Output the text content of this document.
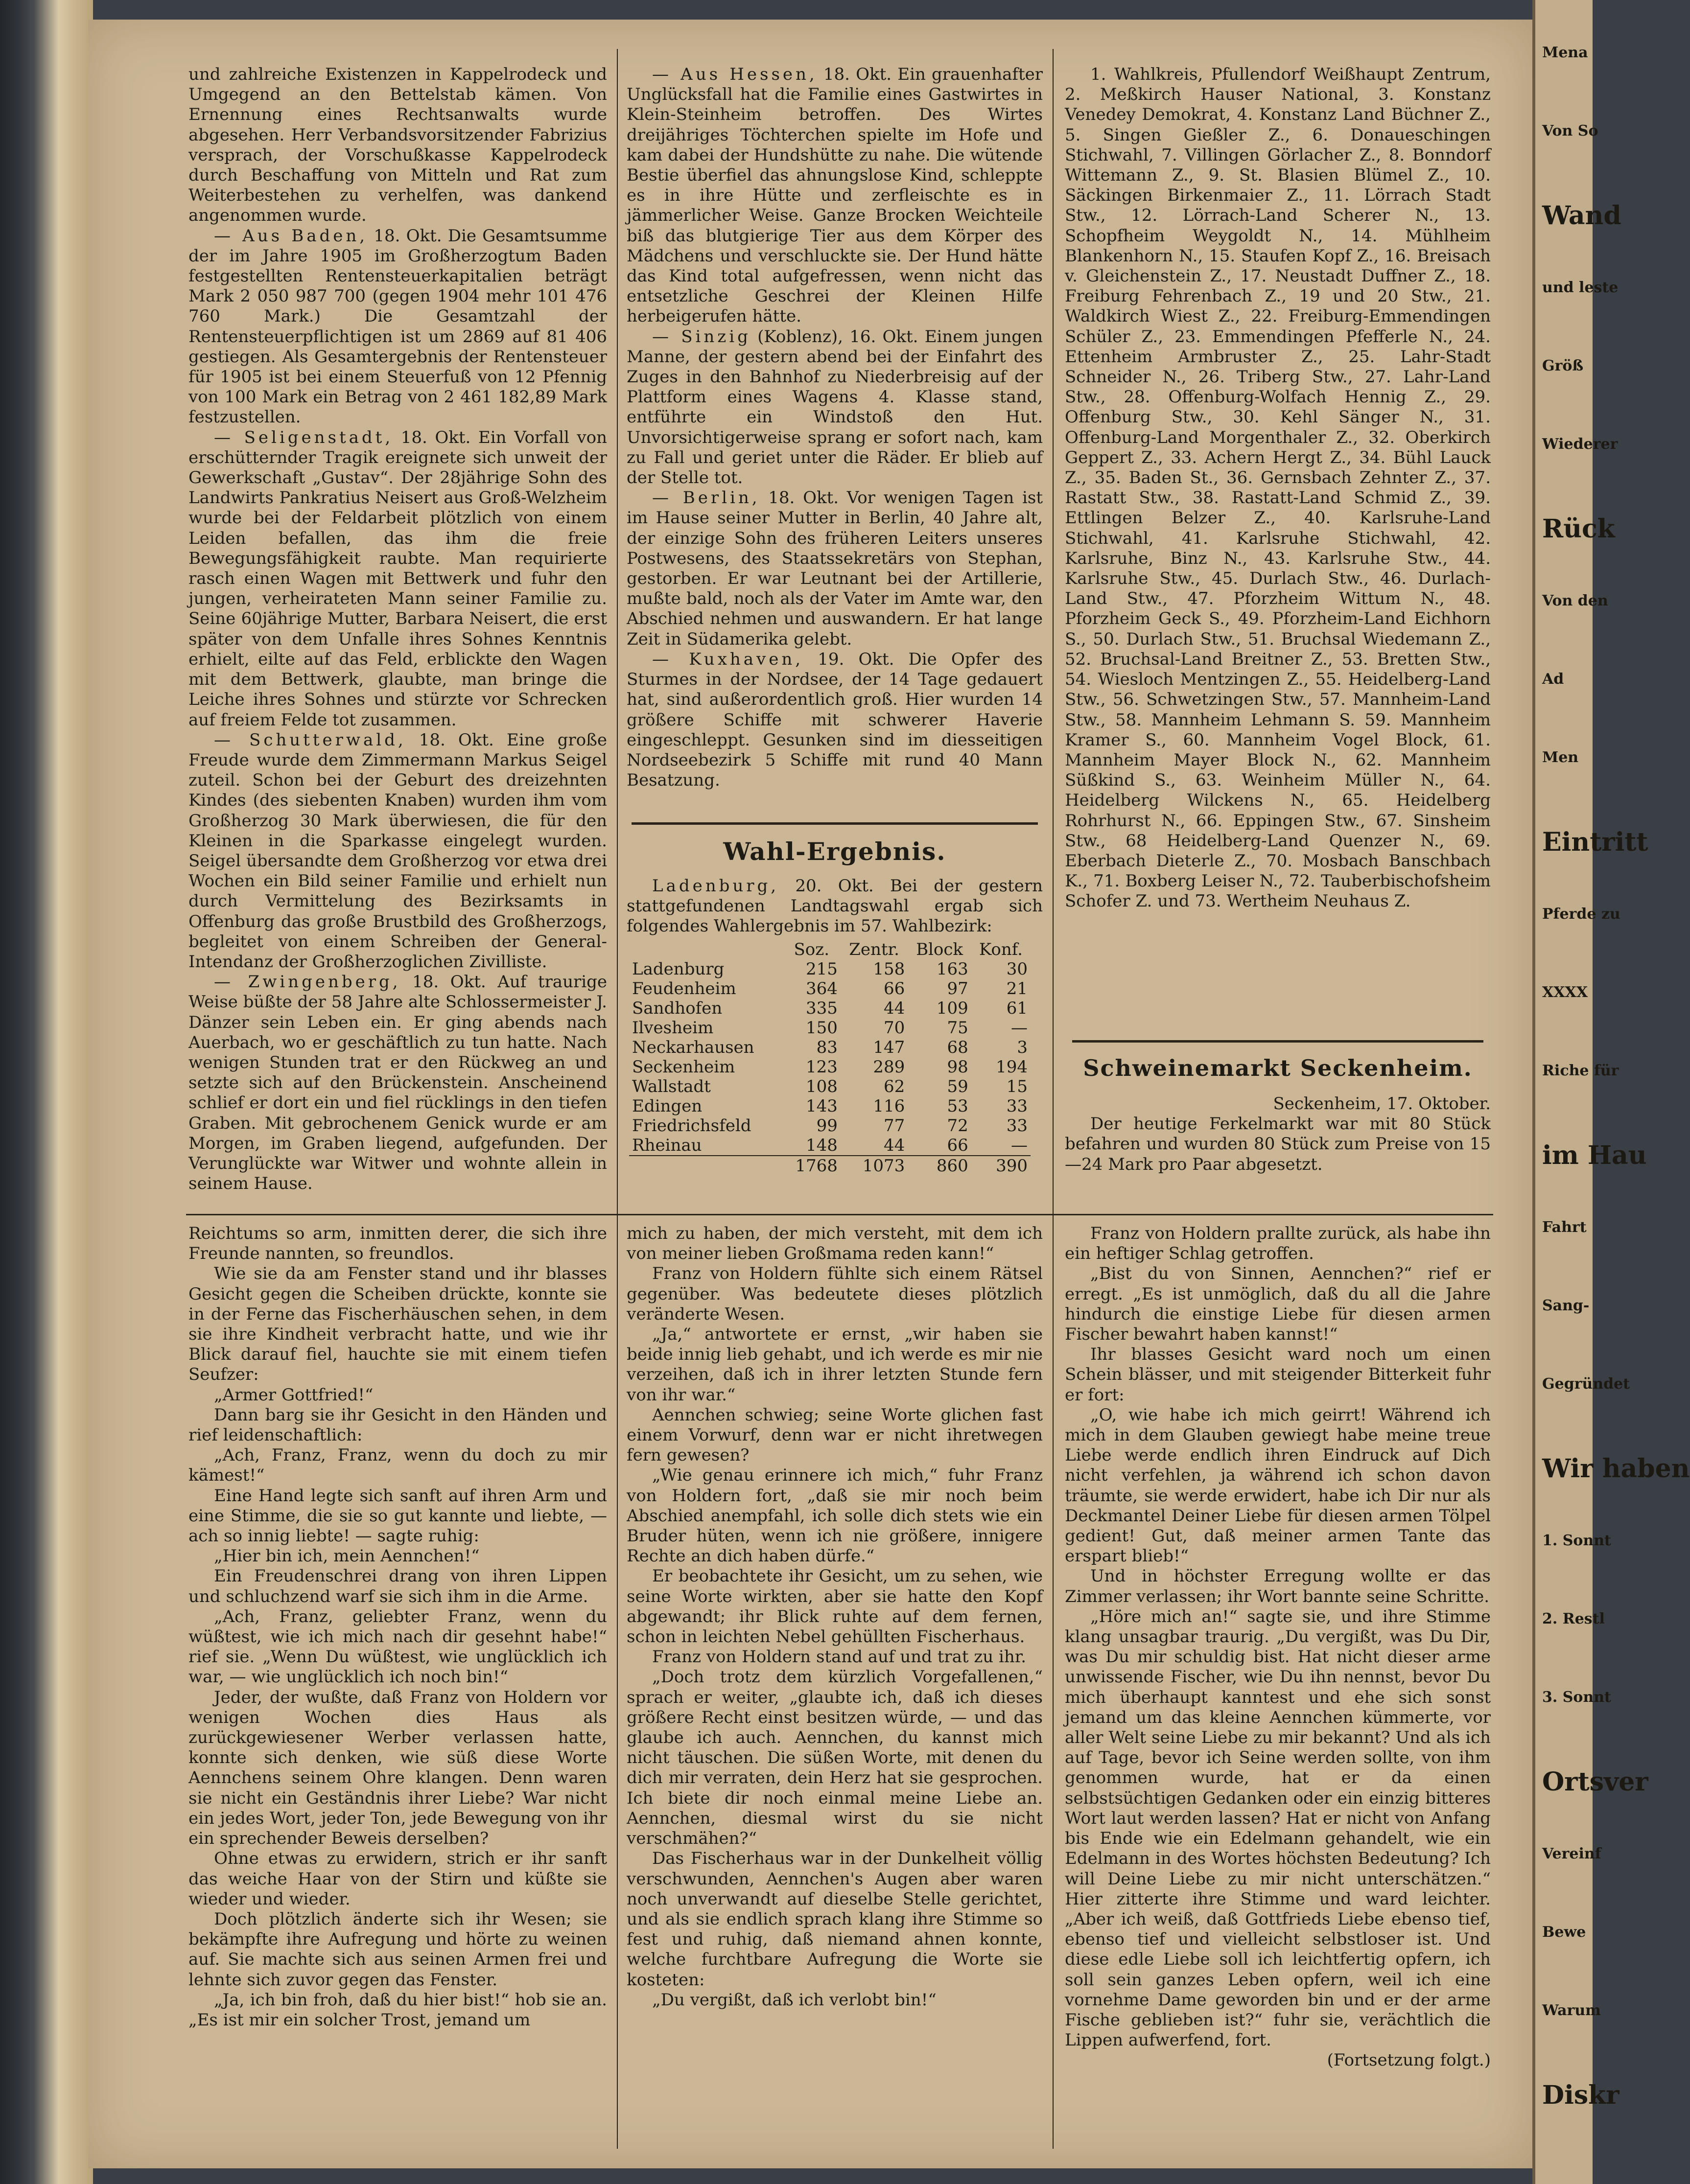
und zahlreiche Existenzen in Kappelrodeck und Umgegend an den Bettelstab kämen. Von Ernennung eines Rechtsanwalts wurde abgesehen. Herr Verbandsvorsitzender Fabrizius versprach, der Vorschußkasse Kappelrodeck durch Beschaffung von Mitteln und Rat zum Weiterbestehen zu verhelfen, was dankend angenommen wurde.

— Aus Baden, 18. Okt. Die Gesamtsumme der im Jahre 1905 im Großherzogtum Baden festgestellten Rentensteuerkapitalien beträgt Mark 2 050 987 700 (gegen 1904 mehr 101 476 760 Mark.) Die Gesamtzahl der Rentensteuerpflichtigen ist um 2869 auf 81 406 gestiegen. Als Gesamtergebnis der Rentensteuer für 1905 ist bei einem Steuerfuß von 12 Pfennig von 100 Mark ein Betrag von 2 461 182,89 Mark festzustellen.

— Seligenstadt, 18. Okt. Ein Vorfall von erschütternder Tragik ereignete sich unweit der Gewerkschaft „Gustav“. Der 28jährige Sohn des Landwirts Pankratius Neisert aus Groß-Welzheim wurde bei der Feldarbeit plötzlich von einem Leiden befallen, das ihm die freie Bewegungsfähigkeit raubte. Man requirierte rasch einen Wagen mit Bettwerk und fuhr den jungen, verheirateten Mann seiner Familie zu. Seine 60jährige Mutter, Barbara Neisert, die erst später von dem Unfalle ihres Sohnes Kenntnis erhielt, eilte auf das Feld, erblickte den Wagen mit dem Bettwerk, glaubte, man bringe die Leiche ihres Sohnes und stürzte vor Schrecken auf freiem Felde tot zusammen.

— Schutterwald, 18. Okt. Eine große Freude wurde dem Zimmermann Markus Seigel zuteil. Schon bei der Geburt des dreizehnten Kindes (des siebenten Knaben) wurden ihm vom Großherzog 30 Mark überwiesen, die für den Kleinen in die Sparkasse eingelegt wurden. Seigel übersandte dem Großherzog vor etwa drei Wochen ein Bild seiner Familie und erhielt nun durch Vermittelung des Bezirksamts in Offenburg das große Brustbild des Großherzogs, begleitet von einem Schreiben der General-Intendanz der Großherzoglichen Zivilliste.

— Zwingenberg, 18. Okt. Auf traurige Weise büßte der 58 Jahre alte Schlossermeister J. Dänzer sein Leben ein. Er ging abends nach Auerbach, wo er geschäftlich zu tun hatte. Nach wenigen Stunden trat er den Rückweg an und setzte sich auf den Brückenstein. Anscheinend schlief er dort ein und fiel rücklings in den tiefen Graben. Mit gebrochenem Genick wurde er am Morgen, im Graben liegend, aufgefunden. Der Verunglückte war Witwer und wohnte allein in seinem Hause.

— Aus Hessen, 18. Okt. Ein grauenhafter Unglücksfall hat die Familie eines Gastwirtes in Klein-Steinheim betroffen. Des Wirtes dreijähriges Töchterchen spielte im Hofe und kam dabei der Hundshütte zu nahe. Die wütende Bestie überfiel das ahnungslose Kind, schleppte es in ihre Hütte und zerfleischte es in jämmerlicher Weise. Ganze Brocken Weichteile biß das blutgierige Tier aus dem Körper des Mädchens und verschluckte sie. Der Hund hätte das Kind total aufgefressen, wenn nicht das entsetzliche Geschrei der Kleinen Hilfe herbeigerufen hätte.

— Sinzig (Koblenz), 16. Okt. Einem jungen Manne, der gestern abend bei der Einfahrt des Zuges in den Bahnhof zu Niederbreisig auf der Plattform eines Wagens 4. Klasse stand, entführte ein Windstoß den Hut. Unvorsichtigerweise sprang er sofort nach, kam zu Fall und geriet unter die Räder. Er blieb auf der Stelle tot.

— Berlin, 18. Okt. Vor wenigen Tagen ist im Hause seiner Mutter in Berlin, 40 Jahre alt, der einzige Sohn des früheren Leiters unseres Postwesens, des Staatssekretärs von Stephan, gestorben. Er war Leutnant bei der Artillerie, mußte bald, noch als der Vater im Amte war, den Abschied nehmen und auswandern. Er hat lange Zeit in Südamerika gelebt.

— Kuxhaven, 19. Okt. Die Opfer des Sturmes in der Nordsee, der 14 Tage gedauert hat, sind außerordentlich groß. Hier wurden 14 größere Schiffe mit schwerer Haverie eingeschleppt. Gesunken sind im diesseitigen Nordseebezirk 5 Schiffe mit rund 40 Mann Besatzung.

Wahl-Ergebnis.

Ladenburg, 20. Okt. Bei der gestern stattgefundenen Landtagswahl ergab sich folgendes Wahlergebnis im 57. Wahlbezirk:

	Soz.	Zentr.	Block	Konf.
Ladenburg	215	158	163	30
Feudenheim	364	66	97	21
Sandhofen	335	44	109	61
Ilvesheim	150	70	75	—
Neckarhausen	83	147	68	3
Seckenheim	123	289	98	194
Wallstadt	108	62	59	15
Edingen	143	116	53	33
Friedrichsfeld	99	77	72	33
Rheinau	148	44	66	—
	1768	1073	860	390

1. Wahlkreis, Pfullendorf Weißhaupt Zentrum, 2. Meßkirch Hauser National, 3. Konstanz Venedey Demokrat, 4. Konstanz Land Büchner Z., 5. Singen Gießler Z., 6. Donaueschingen Stichwahl, 7. Villingen Görlacher Z., 8. Bonndorf Wittemann Z., 9. St. Blasien Blümel Z., 10. Säckingen Birkenmaier Z., 11. Lörrach Stadt Stw., 12. Lörrach-Land Scherer N., 13. Schopfheim Weygoldt N., 14. Mühlheim Blankenhorn N., 15. Staufen Kopf Z., 16. Breisach v. Gleichenstein Z., 17. Neustadt Duffner Z., 18. Freiburg Fehrenbach Z., 19 und 20 Stw., 21. Waldkirch Wiest Z., 22. Freiburg-Emmendingen Schüler Z., 23. Emmendingen Pfefferle N., 24. Ettenheim Armbruster Z., 25. Lahr-Stadt Schneider N., 26. Triberg Stw., 27. Lahr-Land Stw., 28. Offenburg-Wolfach Hennig Z., 29. Offenburg Stw., 30. Kehl Sänger N., 31. Offenburg-Land Morgenthaler Z., 32. Oberkirch Geppert Z., 33. Achern Hergt Z., 34. Bühl Lauck Z., 35. Baden St., 36. Gernsbach Zehnter Z., 37. Rastatt Stw., 38. Rastatt-Land Schmid Z., 39. Ettlingen Belzer Z., 40. Karlsruhe-Land Stichwahl, 41. Karlsruhe Stichwahl, 42. Karlsruhe, Binz N., 43. Karlsruhe Stw., 44. Karlsruhe Stw., 45. Durlach Stw., 46. Durlach-Land Stw., 47. Pforzheim Wittum N., 48. Pforzheim Geck S., 49. Pforzheim-Land Eichhorn S., 50. Durlach Stw., 51. Bruchsal Wiedemann Z., 52. Bruchsal-Land Breitner Z., 53. Bretten Stw., 54. Wiesloch Mentzingen Z., 55. Heidelberg-Land Stw., 56. Schwetzingen Stw., 57. Mannheim-Land Stw., 58. Mannheim Lehmann S. 59. Mannheim Kramer S., 60. Mannheim Vogel Block, 61. Mannheim Mayer Block N., 62. Mannheim Süßkind S., 63. Weinheim Müller N., 64. Heidelberg Wilckens N., 65. Heidelberg Rohrhurst N., 66. Eppingen Stw., 67. Sinsheim Stw., 68 Heidelberg-Land Quenzer N., 69. Eberbach Dieterle Z., 70. Mosbach Banschbach K., 71. Boxberg Leiser N., 72. Tauberbischofsheim Schofer Z. und 73. Wertheim Neuhaus Z.

Schweinemarkt Seckenheim.

Seckenheim, 17. Oktober.

Der heutige Ferkelmarkt war mit 80 Stück befahren und wurden 80 Stück zum Preise von 15—24 Mark pro Paar abgesetzt.

Reichtums so arm, inmitten derer, die sich ihre Freunde nannten, so freundlos.

Wie sie da am Fenster stand und ihr blasses Gesicht gegen die Scheiben drückte, konnte sie in der Ferne das Fischerhäuschen sehen, in dem sie ihre Kindheit verbracht hatte, und wie ihr Blick darauf fiel, hauchte sie mit einem tiefen Seufzer:

„Armer Gottfried!“

Dann barg sie ihr Gesicht in den Händen und rief leidenschaftlich:

„Ach, Franz, Franz, wenn du doch zu mir kämest!“

Eine Hand legte sich sanft auf ihren Arm und eine Stimme, die sie so gut kannte und liebte, — ach so innig liebte! — sagte ruhig:

„Hier bin ich, mein Aennchen!“

Ein Freudenschrei drang von ihren Lippen und schluchzend warf sie sich ihm in die Arme.

„Ach, Franz, geliebter Franz, wenn du wüßtest, wie ich mich nach dir gesehnt habe!“ rief sie. „Wenn Du wüßtest, wie unglücklich ich war, — wie unglücklich ich noch bin!“

Jeder, der wußte, daß Franz von Holdern vor wenigen Wochen dies Haus als zurückgewiesener Werber verlassen hatte, konnte sich denken, wie süß diese Worte Aennchens seinem Ohre klangen. Denn waren sie nicht ein Geständnis ihrer Liebe? War nicht ein jedes Wort, jeder Ton, jede Bewegung von ihr ein sprechender Beweis derselben?

Ohne etwas zu erwidern, strich er ihr sanft das weiche Haar von der Stirn und küßte sie wieder und wieder.

Doch plötzlich änderte sich ihr Wesen; sie bekämpfte ihre Aufregung und hörte zu weinen auf. Sie machte sich aus seinen Armen frei und lehnte sich zuvor gegen das Fenster.

„Ja, ich bin froh, daß du hier bist!“ hob sie an. „Es ist mir ein solcher Trost, jemand um

mich zu haben, der mich versteht, mit dem ich von meiner lieben Großmama reden kann!“

Franz von Holdern fühlte sich einem Rätsel gegenüber. Was bedeutete dieses plötzlich veränderte Wesen.

„Ja,“ antwortete er ernst, „wir haben sie beide innig lieb gehabt, und ich werde es mir nie verzeihen, daß ich in ihrer letzten Stunde fern von ihr war.“

Aennchen schwieg; seine Worte glichen fast einem Vorwurf, denn war er nicht ihretwegen fern gewesen?

„Wie genau erinnere ich mich,“ fuhr Franz von Holdern fort, „daß sie mir noch beim Abschied anempfahl, ich solle dich stets wie ein Bruder hüten, wenn ich nie größere, innigere Rechte an dich haben dürfe.“

Er beobachtete ihr Gesicht, um zu sehen, wie seine Worte wirkten, aber sie hatte den Kopf abgewandt; ihr Blick ruhte auf dem fernen, schon in leichten Nebel gehüllten Fischerhaus.

Franz von Holdern stand auf und trat zu ihr.

„Doch trotz dem kürzlich Vorgefallenen,“ sprach er weiter, „glaubte ich, daß ich dieses größere Recht einst besitzen würde, — und das glaube ich auch. Aennchen, du kannst mich nicht täuschen. Die süßen Worte, mit denen du dich mir verraten, dein Herz hat sie gesprochen. Ich biete dir noch einmal meine Liebe an. Aennchen, diesmal wirst du sie nicht verschmähen?“

Das Fischerhaus war in der Dunkelheit völlig verschwunden, Aennchen's Augen aber waren noch unverwandt auf dieselbe Stelle gerichtet, und als sie endlich sprach klang ihre Stimme so fest und ruhig, daß niemand ahnen konnte, welche furchtbare Aufregung die Worte sie kosteten:

„Du vergißt, daß ich verlobt bin!“

Franz von Holdern prallte zurück, als habe ihn ein heftiger Schlag getroffen.

„Bist du von Sinnen, Aennchen?“ rief er erregt. „Es ist unmöglich, daß du all die Jahre hindurch die einstige Liebe für diesen armen Fischer bewahrt haben kannst!“

Ihr blasses Gesicht ward noch um einen Schein blässer, und mit steigender Bitterkeit fuhr er fort:

„O, wie habe ich mich geirrt! Während ich mich in dem Glauben gewiegt habe meine treue Liebe werde endlich ihren Eindruck auf Dich nicht verfehlen, ja während ich schon davon träumte, sie werde erwidert, habe ich Dir nur als Deckmantel Deiner Liebe für diesen armen Tölpel gedient! Gut, daß meiner armen Tante das erspart blieb!“

Und in höchster Erregung wollte er das Zimmer verlassen; ihr Wort bannte seine Schritte.

„Höre mich an!“ sagte sie, und ihre Stimme klang unsagbar traurig. „Du vergißt, was Du Dir, was Du mir schuldig bist. Hat nicht dieser arme unwissende Fischer, wie Du ihn nennst, bevor Du mich überhaupt kanntest und ehe sich sonst jemand um das kleine Aennchen kümmerte, vor aller Welt seine Liebe zu mir bekannt? Und als ich auf Tage, bevor ich Seine werden sollte, von ihm genommen wurde, hat er da einen selbstsüchtigen Gedanken oder ein einzig bitteres Wort laut werden lassen? Hat er nicht von Anfang bis Ende wie ein Edelmann gehandelt, wie ein Edelmann in des Wortes höchsten Bedeutung? Ich will Deine Liebe zu mir nicht unterschätzen.“ Hier zitterte ihre Stimme und ward leichter. „Aber ich weiß, daß Gottfrieds Liebe ebenso tief, ebenso tief und vielleicht selbstloser ist. Und diese edle Liebe soll ich leichtfertig opfern, ich soll sein ganzes Leben opfern, weil ich eine vornehme Dame geworden bin und er der arme Fische geblieben ist?“ fuhr sie, verächtlich die Lippen aufwerfend, fort.

(Fortsetzung folgt.)

Mena
Von So
Wand
und leste
Größ
Wiederer
Rück
Von den
Ad
Men
Eintritt
Pferde zu
XXXX
Riche für
im Hau
Fahrt
Sang-
Gegründet
Wir haben
1. Sonnt
2. Restl
3. Sonnt
Ortsver
Vereinf
Bewe
Warum
Diskr
